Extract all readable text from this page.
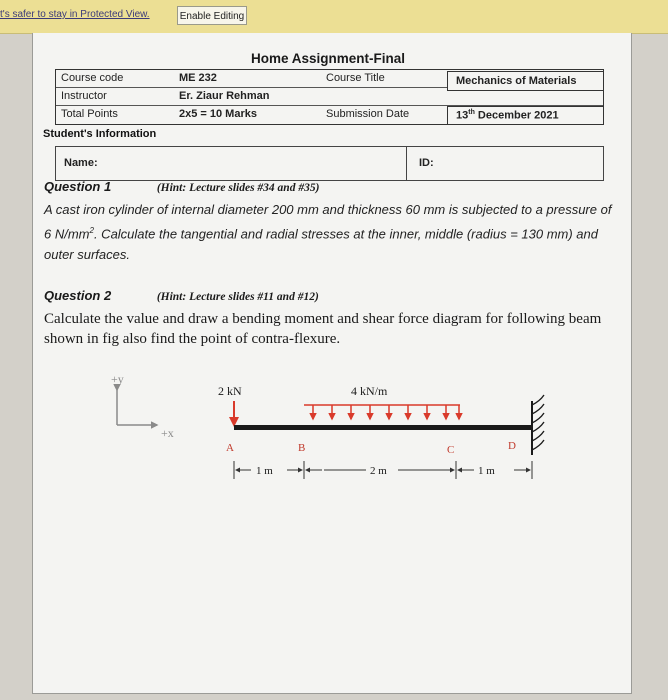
t's safer to stay in Protected View.	Enable Editing
Home Assignment-Final
Course code	ME 232	Course Title	Mechanics of Materials
Instructor	Er. Ziaur Rehman
Total Points	2x5 = 10 Marks	Submission Date	13th December 2021
Student's Information
Name:	ID:
Question 1	(Hint: Lecture slides #34 and #35)
A cast iron cylinder of internal diameter 200 mm and thickness 60 mm is subjected to a pressure of 6 $N/mm^2$. Calculate the tangential and radial stresses at the inner, middle (radius = 130 mm) and outer surfaces.
Question 2	(Hint: Lecture slides #11 and #12)
Calculate the value and draw a bending moment and shear force diagram for following beam shown in fig also find the point of contra-flexure.
+y
+x
2 kN	4 kN/m
A	B	C	D
1 m	2 m	1 m
